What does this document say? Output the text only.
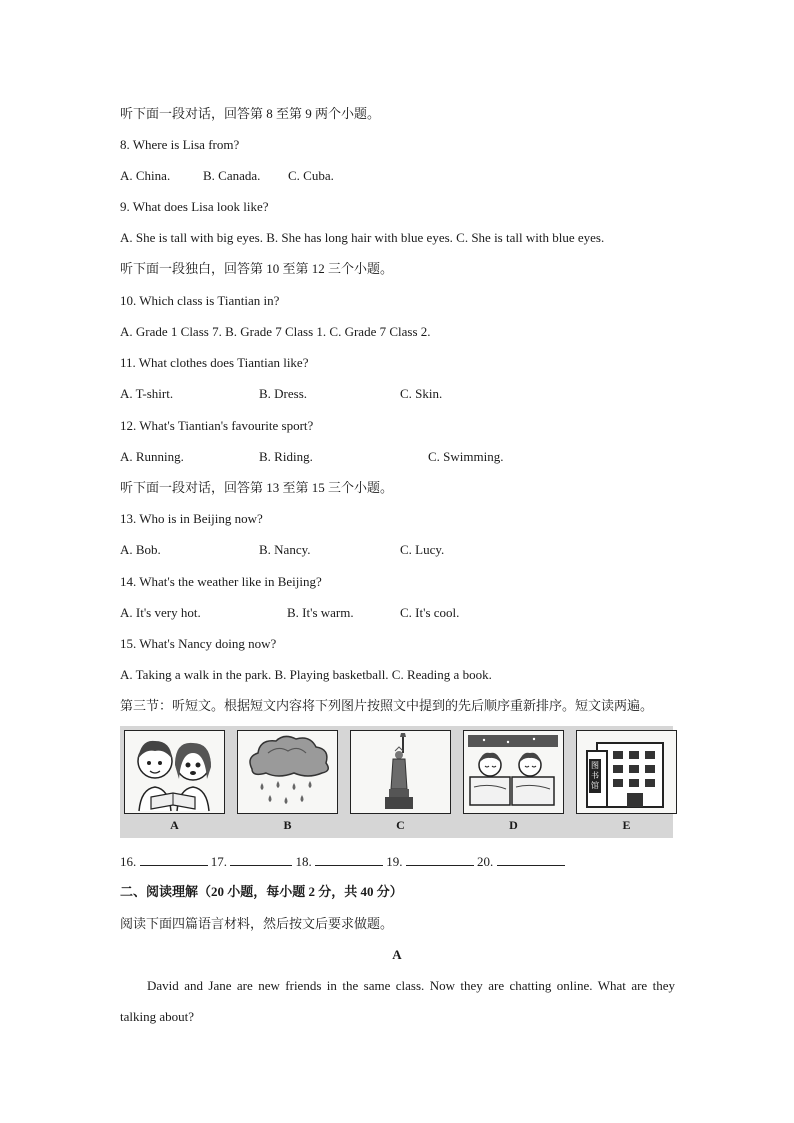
听下面一段对话，回答第 8 至第 9 两个小题。
8. Where is Lisa from?
A. China.	B. Canada. C. Cuba.
9. What does Lisa look like?
A. She is tall with big eyes. B. She has long hair with blue eyes. C. She is tall with blue eyes.
听下面一段独白，回答第 10 至第 12 三个小题。
10. Which class is Tiantian in?
A. Grade 1 Class 7. B. Grade 7 Class 1. C. Grade 7 Class 2.
11. What clothes does Tiantian like?
A. T-shirt.	B. Dress.	C. Skin.
12. What's Tiantian's favourite sport?
A. Running.	B. Riding.	C. Swimming.
听下面一段对话，回答第 13 至第 15 三个小题。
13. Who is in Beijing now?
A. Bob.	B. Nancy.	C. Lucy.
14. What's the weather like in Beijing?
A. It's very hot.	B. It's warm.	C. It's cool.
15. What's Nancy doing now?
A. Taking a walk in the park. B. Playing basketball. C. Reading a book.
第三节：听短文。根据短文内容将下列图片按照文中提到的先后顺序重新排序。短文读两遍。
图书馆
A	B	C	D	E
16.	17.	18.	19.	20.
二、阅读理解（20 小题，每小题 2 分，共 40 分）
阅读下面四篇语言材料，然后按文后要求做题。
A
David and Jane are new friends in the same class. Now they are chatting online. What are they talking about?
